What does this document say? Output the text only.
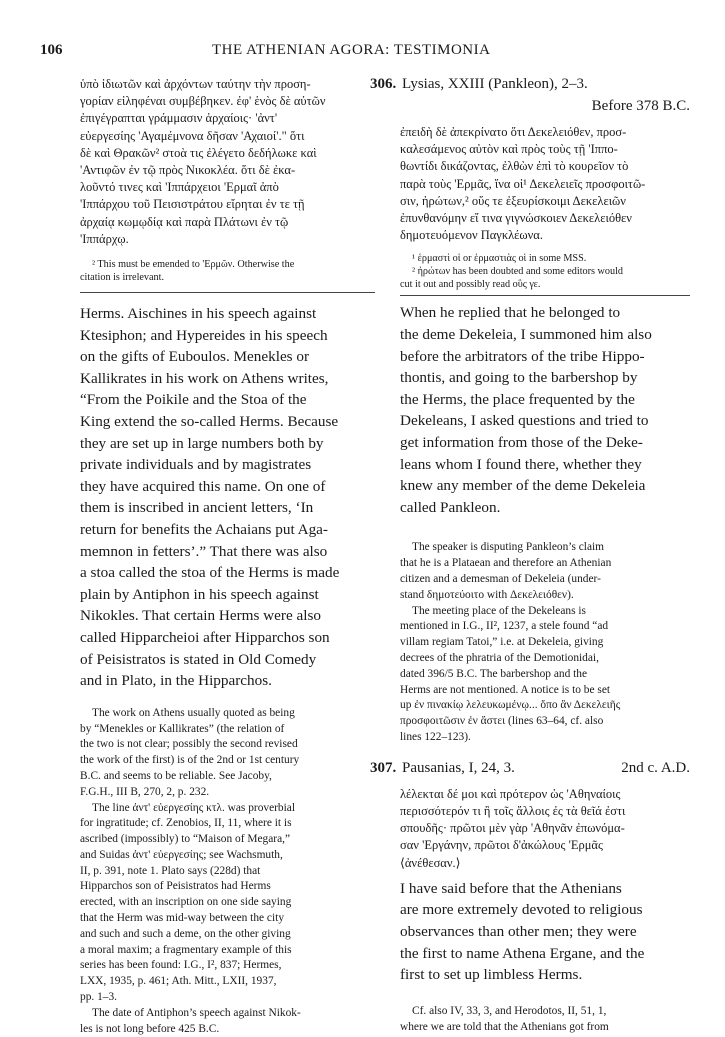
106	THE ATHENIAN AGORA: TESTIMONIA
ὑπὸ ἰδιωτῶν καὶ ἀρχόντων ταύτην τὴν προση-
γορίαν εἰληφέναι συμβέβηκεν. ἐφ' ἑνὸς δὲ αὐτῶν
ἐπιγέγραπται γράμμασιν ἀρχαίοις· 'ἀντ'
εὐεργεσίης 'Αγαμέμνονα δῆσαν 'Αχαιοί'." ὅτι
δὲ καὶ Θρακῶν² στοὰ τις ἐλέγετο δεδήλωκε καὶ
'Αντιφῶν ἐν τῷ πρὸς Νικοκλέα. ὅτι δὲ ἐκα-
λοῦντό τινες καὶ 'Ιππάρχειοι 'Ερμαῖ ἀπὸ
'Ιππάρχου τοῦ Πεισιστράτου εἴρηται ἐν τε τῇ
ἀρχαίᾳ κωμῳδίᾳ καὶ παρὰ Πλάτωνι ἐν τῷ
'Ιππάρχῳ.
² This must be emended to 'Ερμῶν. Otherwise the
citation is irrelevant.
Herms. Aischines in his speech against
Ktesiphon; and Hypereides in his speech
on the gifts of Euboulos. Menekles or
Kallikrates in his work on Athens writes,
“From the Poikile and the Stoa of the
King extend the so-called Herms. Because
they are set up in large numbers both by
private individuals and by magistrates
they have acquired this name. On one of
them is inscribed in ancient letters, ‘In
return for benefits the Achaians put Aga-
memnon in fetters’.” That there was also
a stoa called the stoa of the Herms is made
plain by Antiphon in his speech against
Nikokles. That certain Herms were also
called Hipparcheioi after Hipparchos son
of Peisistratos is stated in Old Comedy
and in Plato, in the Hipparchos.
The work on Athens usually quoted as being
by “Menekles or Kallikrates” (the relation of
the two is not clear; possibly the second revised
the work of the first) is of the 2nd or 1st century
B.C. and seems to be reliable. See Jacoby,
F.G.H., III B, 270, 2, p. 232.
The line ἀντ' εὐεργεσίης κτλ. was proverbial
for ingratitude; cf. Zenobios, II, 11, where it is
ascribed (impossibly) to “Maison of Megara,”
and Suidas ἀντ' εὐεργεσίης; see Wachsmuth,
II, p. 391, note 1. Plato says (228d) that
Hipparchos son of Peisistratos had Herms
erected, with an inscription on one side saying
that the Herm was mid-way between the city
and such and such a deme, on the other giving
a moral maxim; a fragmentary example of this
series has been found: I.G., I², 837; Hermes,
LXX, 1935, p. 461; Ath. Mitt., LXII, 1937,
pp. 1–3.
The date of Antiphon’s speech against Nikok-
les is not long before 425 B.C.
306. Lysias, XXIII (Pankleon), 2–3.
Before 378 B.C.
ἐπειδὴ δὲ ἀπεκρίνατο ὅτι Δεκελειόθεν, προσ-
καλεσάμενος αὐτὸν καὶ πρὸς τοὺς τῇ 'Ιππο-
θωντίδι δικάζοντας, ἐλθὼν ἐπὶ τὸ κουρεῖον τὸ
παρὰ τοὺς 'Ερμᾶς, ἵνα οἱ¹ Δεκελειεῖς προσφοιτῶ-
σιν, ἠρώτων,² οὕς τε ἐξευρίσκοιμι Δεκελειῶν
ἐπυνθανόμην εἴ τινα γιγνώσκοιεν Δεκελειόθεν
δημοτευόμενον Παγκλέωνα.
¹ ἑρμαστὶ οἱ or ἑρμαστιὰς οἱ in some MSS.
² ἠρώτων has been doubted and some editors would
cut it out and possibly read οὓς γε.
When he replied that he belonged to
the deme Dekeleia, I summoned him also
before the arbitrators of the tribe Hippo-
thontis, and going to the barbershop by
the Herms, the place frequented by the
Dekeleans, I asked questions and tried to
get information from those of the Deke-
leans whom I found there, whether they
knew any member of the deme Dekeleia
called Pankleon.
The speaker is disputing Pankleon’s claim
that he is a Plataean and therefore an Athenian
citizen and a demesman of Dekeleia (under-
stand δημοτεύοιτο with Δεκελειόθεν).
The meeting place of the Dekeleans is
mentioned in I.G., II², 1237, a stele found “ad
villam regiam Tatoi,” i.e. at Dekeleia, giving
decrees of the phratria of the Demotionidai,
dated 396/5 B.C. The barbershop and the
Herms are not mentioned. A notice is to be set
up ἐν πινακίῳ λελευκωμένῳ... ὅπο ἂν Δεκελειῆς
προσφοιτῶσιν ἐν ἄστει (lines 63–64, cf. also
lines 122–123).
307. Pausanias, I, 24, 3.	2nd c. A.D.
λέλεκται δέ μοι καὶ πρότερον ὡς 'Αθηναίοις
περισσότερόν τι ἢ τοῖς ἄλλοις ἐς τὰ θεῖά ἐστι
σπουδῆς· πρῶτοι μὲν γὰρ 'Αθηνᾶν ἐπωνόμα-
σαν 'Εργάνην, πρῶτοι δ'ἀκώλους 'Ερμᾶς
⟨ἀνέθεσαν.⟩
I have said before that the Athenians
are more extremely devoted to religious
observances than other men; they were
the first to name Athena Ergane, and the
first to set up limbless Herms.
Cf. also IV, 33, 3, and Herodotos, II, 51, 1,
where we are told that the Athenians got from
